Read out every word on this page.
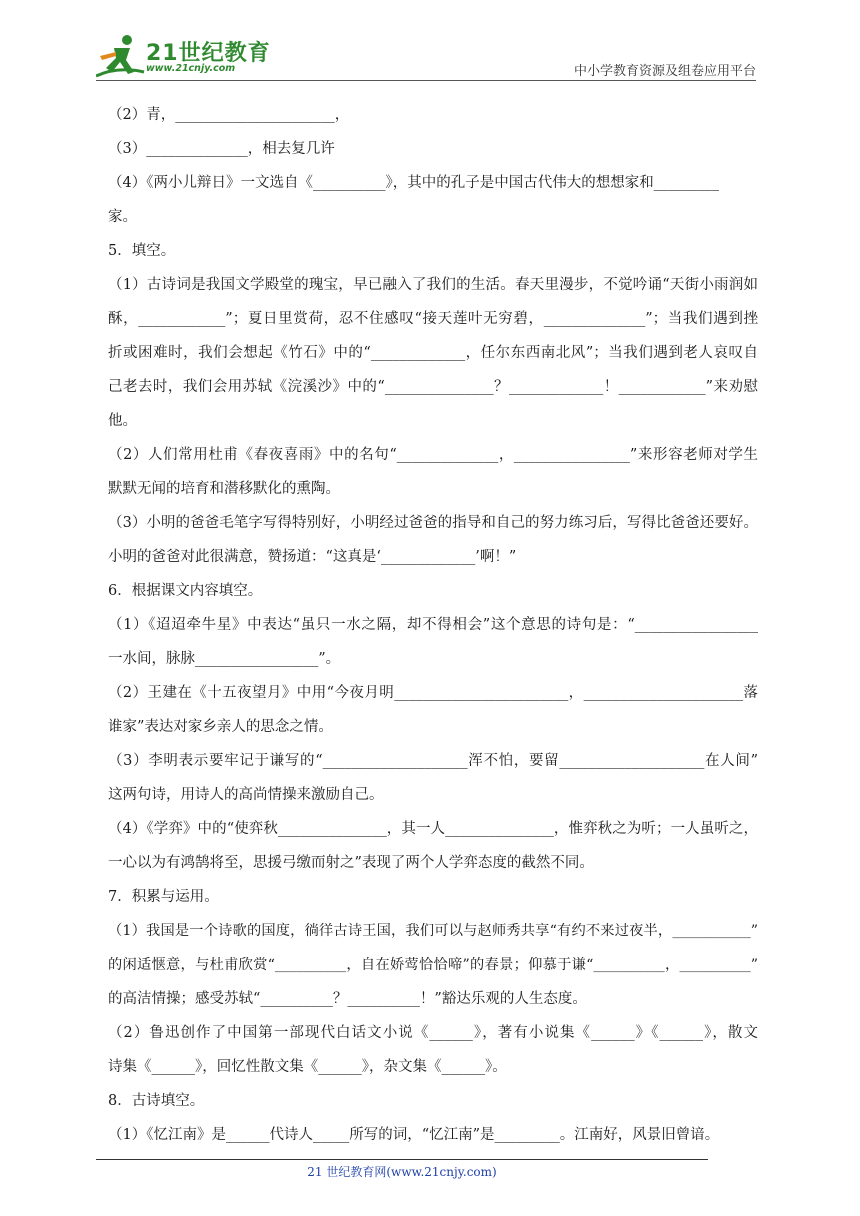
21世纪教育
www.21cnjy.com	中小学教育资源及组卷应用平台
（2）青，______________________，
（3）______________，相去复几许
（4）《两小儿辩日》一文选自《__________》，其中的孔子是中国古代伟大的想想家和_________
家。
5．填空。
（1）古诗词是我国文学殿堂的瑰宝，早已融入了我们的生活。春天里漫步，不觉吟诵“天街小雨润如
酥，____________”；夏日里赏荷，忍不住感叹“接天莲叶无穷碧，______________”；当我们遇到挫
折或困难时，我们会想起《竹石》中的“_____________，任尔东西南北风”；当我们遇到老人哀叹自
己老去时，我们会用苏轼《浣溪沙》中的“_______________？_____________！____________”来劝慰
他。
（2）人们常用杜甫《春夜喜雨》中的名句“______________，________________”来形容老师对学生
默默无闻的培育和潜移默化的熏陶。
（3）小明的爸爸毛笔字写得特别好，小明经过爸爸的指导和自己的努力练习后，写得比爸爸还要好。
小明的爸爸对此很满意，赞扬道：“这真是‘_____________’啊！”
6．根据课文内容填空。
（1）《迢迢牵牛星》中表达“虽只一水之隔，却不得相会”这个意思的诗句是：“_________________
一水间，脉脉_________________”。
（2）王建在《十五夜望月》中用“今夜月明________________________，______________________落
谁家”表达对家乡亲人的思念之情。
（3）李明表示要牢记于谦写的“____________________浑不怕，要留____________________在人间”
这两句诗，用诗人的高尚情操来激励自己。
（4）《学弈》中的“使弈秋_______________，其一人_______________，惟弈秋之为听；一人虽听之，
一心以为有鸿鹄将至，思援弓缴而射之”表现了两个人学弈态度的截然不同。
7．积累与运用。
（1）我国是一个诗歌的国度，徜徉古诗王国，我们可以与赵师秀共享“有约不来过夜半，___________”
的闲适惬意，与杜甫欣赏“__________，自在娇莺恰恰啼”的春景；仰慕于谦“__________，__________”
的高洁情操；感受苏轼“__________？__________！”豁达乐观的人生态度。
（2）鲁迅创作了中国第一部现代白话文小说《______》，著有小说集《______》《______》，散文
诗集《______》，回忆性散文集《______》，杂文集《______》。
8．古诗填空。
（1）《忆江南》是______代诗人_____所写的词，“忆江南”是_________。江南好，风景旧曾谙。
21 世纪教育网(www.21cnjy.com)
